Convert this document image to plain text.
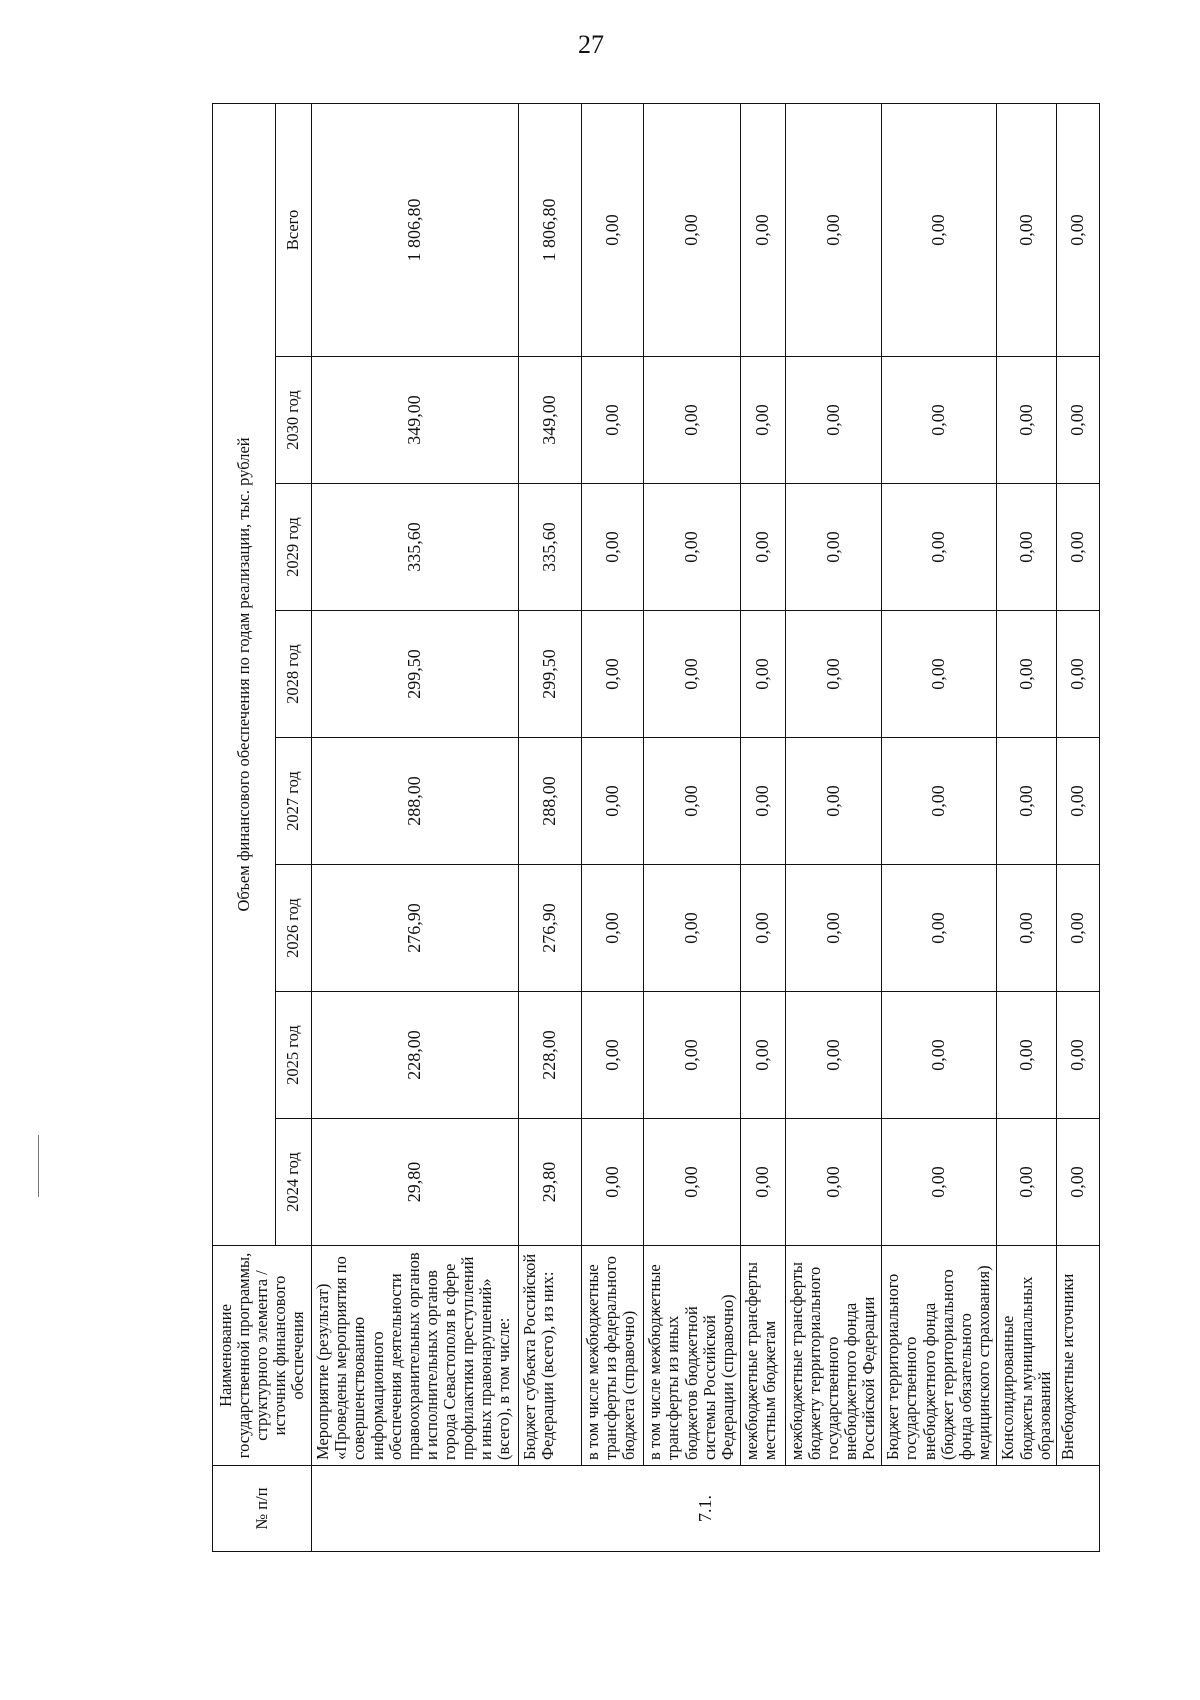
27
№ п/п	Наименование государственной программы, структурного элемента / источник финансового обеспечения	Объем финансового обеспечения по годам реализации, тыс. рублей							
		2024 год	2025 год	2026 год	2027 год	2028 год	2029 год	2030 год	Всего
7.1.	Мероприятие (результат) «Проведены мероприятия по совершенствованию информационного обеспечения деятельности правоохранительных органов и исполнительных органов города Севастополя в сфере профилактики преступлений и иных правонарушений» (всего), в том числе:	29,80	228,00	276,90	288,00	299,50	335,60	349,00	1 806,80
	Бюджет субъекта Российской Федерации (всего), из них:	29,80	228,00	276,90	288,00	299,50	335,60	349,00	1 806,80
	в том числе межбюджетные трансферты из федерального бюджета (справочно)	0,00	0,00	0,00	0,00	0,00	0,00	0,00	0,00
	в том числе межбюджетные трансферты из иных бюджетов бюджетной системы Российской Федерации (справочно)	0,00	0,00	0,00	0,00	0,00	0,00	0,00	0,00
	межбюджетные трансферты местным бюджетам	0,00	0,00	0,00	0,00	0,00	0,00	0,00	0,00
	межбюджетные трансферты бюджету территориального государственного внебюджетного фонда Российской Федерации	0,00	0,00	0,00	0,00	0,00	0,00	0,00	0,00
	Бюджет территориального государственного внебюджетного фонда (бюджет территориального фонда обязательного медицинского страхования)	0,00	0,00	0,00	0,00	0,00	0,00	0,00	0,00
	Консолидированные бюджеты муниципальных образований	0,00	0,00	0,00	0,00	0,00	0,00	0,00	0,00
	Внебюджетные источники	0,00	0,00	0,00	0,00	0,00	0,00	0,00	0,00
